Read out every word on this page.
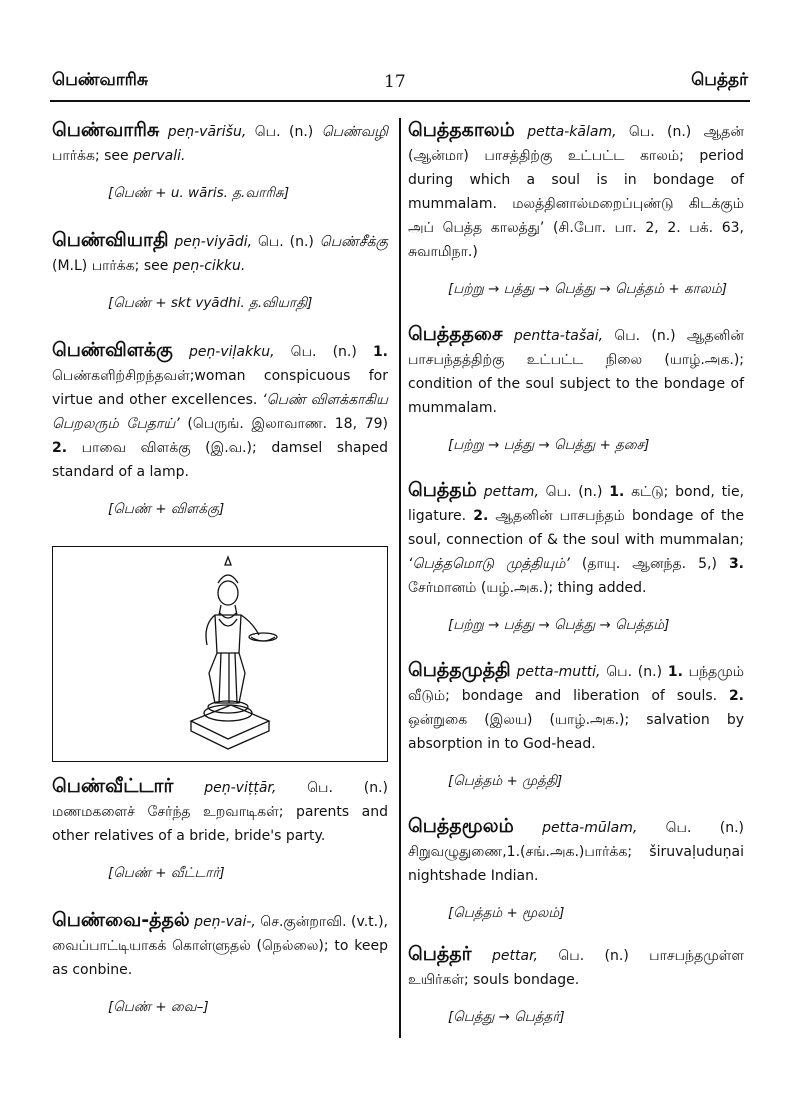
பெண்வாரிசு	17	பெத்தர்
பெண்வாரிசு peṇ-vārišu, பெ. (n.) பெண்வழி பார்க்க; see pervali.
[பெண் + u. wāris. த.வாரிசு]
பெண்வியாதி peṇ-viyādi, பெ. (n.) பெண்சீக்கு (M.L) பார்க்க; see peṇ-cikku.
[பெண் + skt vyādhi. த.வியாதி]
பெண்விளக்கு peṇ-viḷakku, பெ. (n.) 1. பெண்களிற்சிறந்தவள்;woman conspicuous for virtue and other excellences. ‘பெண் விளக்காகிய பெறலரும் பேதாய்’ (பெருங். இலாவாண. 18, 79) 2. பாவை விளக்கு (இ.வ.); damsel shaped standard of a lamp.
[பெண் + விளக்கு]
பெண்வீட்டார் peṇ-viṭṭār, பெ. (n.) மணமகளைச் சேர்ந்த உறவாடிகள்; parents and other relatives of a bride, bride's party.
[பெண் + வீட்டார்]
பெண்வை-த்தல் peṇ-vai-, செ.குன்றாவி. (v.t.), வைப்பாட்டியாகக் கொள்ளுதல் (நெல்லை); to keep as conbine.
[பெண் + வை–]
பெத்தகாலம் petta-kālam, பெ. (n.) ஆதன் (ஆன்மா) பாசத்திற்கு உட்பட்ட காலம்; period during which a soul is in bondage of mummalam. மலத்தினால்மறைப்புண்டு கிடக்கும் அப் பெத்த காலத்து’ (சி.போ. பா. 2, 2. பக். 63, சுவாமிநா.)
[பற்று → பத்து → பெத்து → பெத்தம் + காலம்]
பெத்ததசை pentta-tašai, பெ. (n.) ஆதனின் பாசபந்தத்திற்கு உட்பட்ட நிலை (யாழ்.அக.); condition of the soul subject to the bondage of mummalam.
[பற்று → பத்து → பெத்து + தசை]
பெத்தம் pettam, பெ. (n.) 1. கட்டு; bond, tie, ligature. 2. ஆதனின் பாசபந்தம் bondage of the soul, connection of & the soul with mummalan; ‘பெத்தமொடு முத்தியும்’ (தாயு. ஆனந்த. 5,) 3. சேர்மானம் (யழ்.அக.); thing added.
[பற்று → பத்து → பெத்து → பெத்தம்]
பெத்தமுத்தி petta-mutti, பெ. (n.) 1. பந்தமும் வீடும்; bondage and liberation of souls. 2. ஒன்றுகை (இலய) (யாழ்.அக.); salvation by absorption in to God-head.
[பெத்தம் + முத்தி]
பெத்தமூலம் petta-mūlam, பெ. (n.) சிறுவழுதுணை,1.(சங்.அக.)பார்க்க; širuvaḷuduṇai nightshade Indian.
[பெத்தம் + மூலம்]
பெத்தர் pettar, பெ. (n.) பாசபந்தமுள்ள உயிர்கள்; souls bondage.
[பெத்து → பெத்தர்]
